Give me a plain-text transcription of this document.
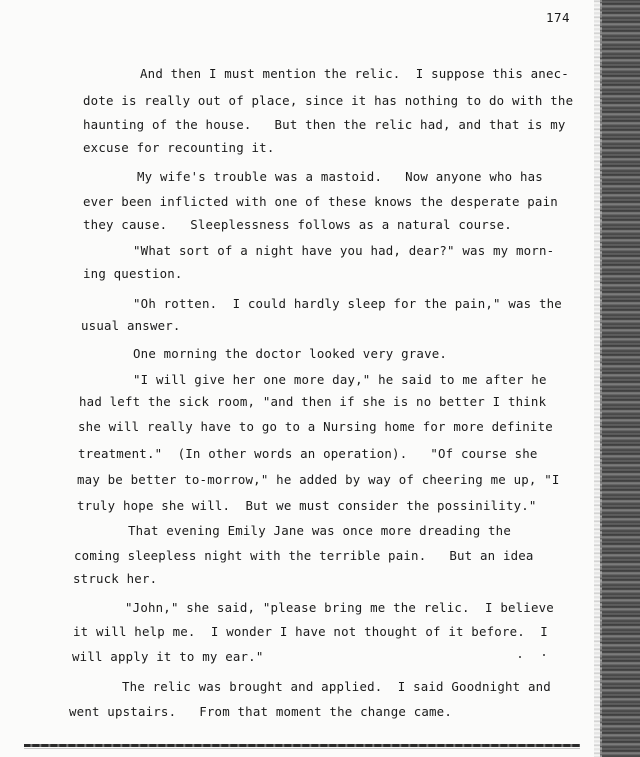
174
And then I must mention the relic.  I suppose this anec-
dote is really out of place, since it has nothing to do with the
haunting of the house.   But then the relic had, and that is my
excuse for recounting it.
My wife's trouble was a mastoid.   Now anyone who has
ever been inflicted with one of these knows the desperate pain
they cause.   Sleeplessness follows as a natural course.
"What sort of a night have you had, dear?" was my morn-
ing question.
"Oh rotten.  I could hardly sleep for the pain," was the
usual answer.
One morning the doctor looked very grave.
"I will give her one more day," he said to me after he
had left the sick room, "and then if she is no better I think
she will really have to go to a Nursing home for more definite
treatment."  (In other words an operation).   "Of course she
may be better to-morrow," he added by way of cheering me up, "I
truly hope she will.  But we must consider the possinility."
That evening Emily Jane was once more dreading the
coming sleepless night with the terrible pain.   But an idea
struck her.
"John," she said, "please bring me the relic.  I believe
it will help me.  I wonder I have not thought of it before.  I
will apply it to my ear."
The relic was brought and applied.  I said Goodnight and
went upstairs.   From that moment the change came.
